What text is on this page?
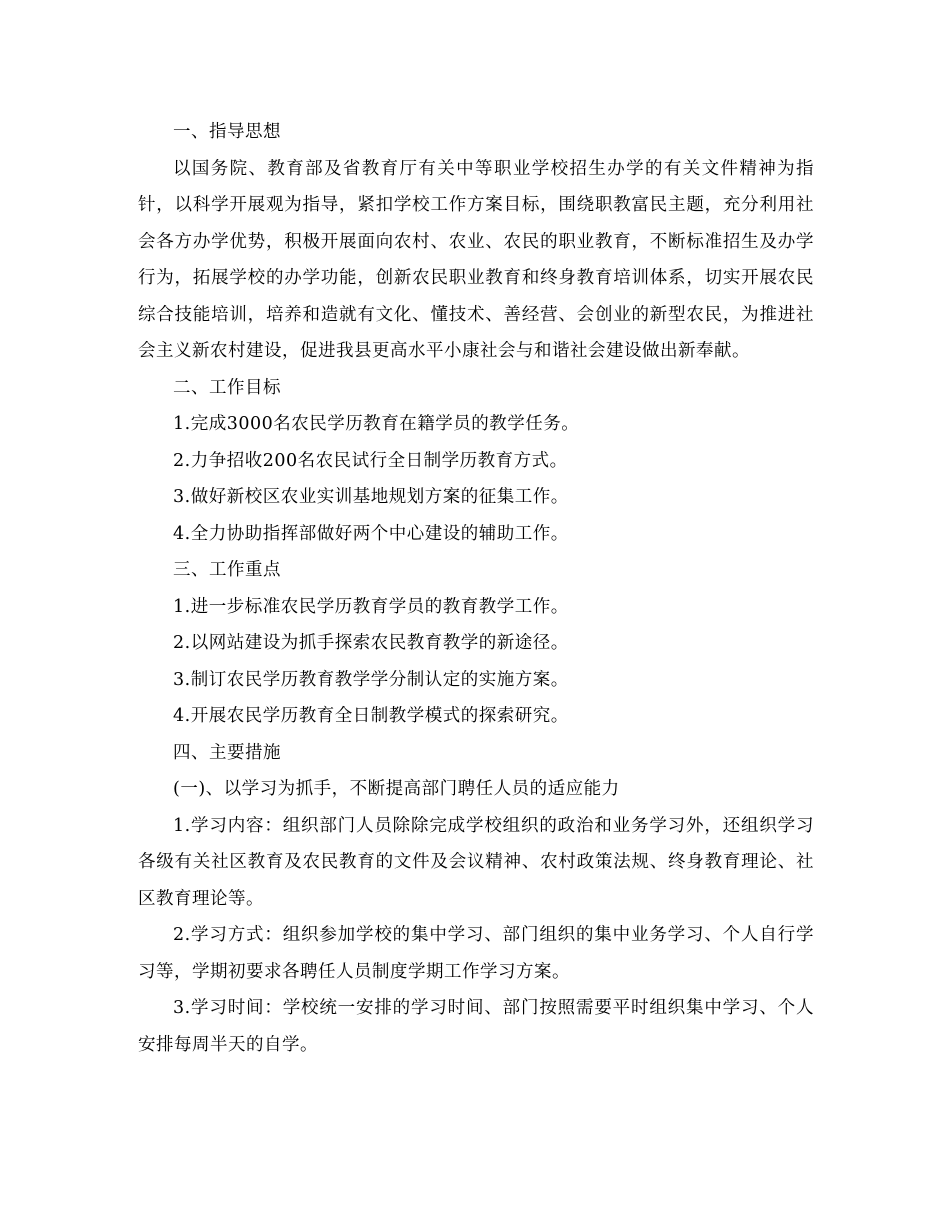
一、指导思想

以国务院、教育部及省教育厅有关中等职业学校招生办学的有关文件精神为指针，以科学开展观为指导，紧扣学校工作方案目标，围绕职教富民主题，充分利用社会各方办学优势，积极开展面向农村、农业、农民的职业教育，不断标准招生及办学行为，拓展学校的办学功能，创新农民职业教育和终身教育培训体系，切实开展农民综合技能培训，培养和造就有文化、懂技术、善经营、会创业的新型农民，为推进社会主义新农村建设，促进我县更高水平小康社会与和谐社会建设做出新奉献。

二、工作目标

1.完成3000名农民学历教育在籍学员的教学任务。

2.力争招收200名农民试行全日制学历教育方式。

3.做好新校区农业实训基地规划方案的征集工作。

4.全力协助指挥部做好两个中心建设的辅助工作。

三、工作重点

1.进一步标准农民学历教育学员的教育教学工作。

2.以网站建设为抓手探索农民教育教学的新途径。

3.制订农民学历教育教学学分制认定的实施方案。

4.开展农民学历教育全日制教学模式的探索研究。

四、主要措施

(一)、以学习为抓手，不断提高部门聘任人员的适应能力

1.学习内容：组织部门人员除除完成学校组织的政治和业务学习外，还组织学习各级有关社区教育及农民教育的文件及会议精神、农村政策法规、终身教育理论、社区教育理论等。

2.学习方式：组织参加学校的集中学习、部门组织的集中业务学习、个人自行学习等，学期初要求各聘任人员制度学期工作学习方案。

3.学习时间：学校统一安排的学习时间、部门按照需要平时组织集中学习、个人安排每周半天的自学。
